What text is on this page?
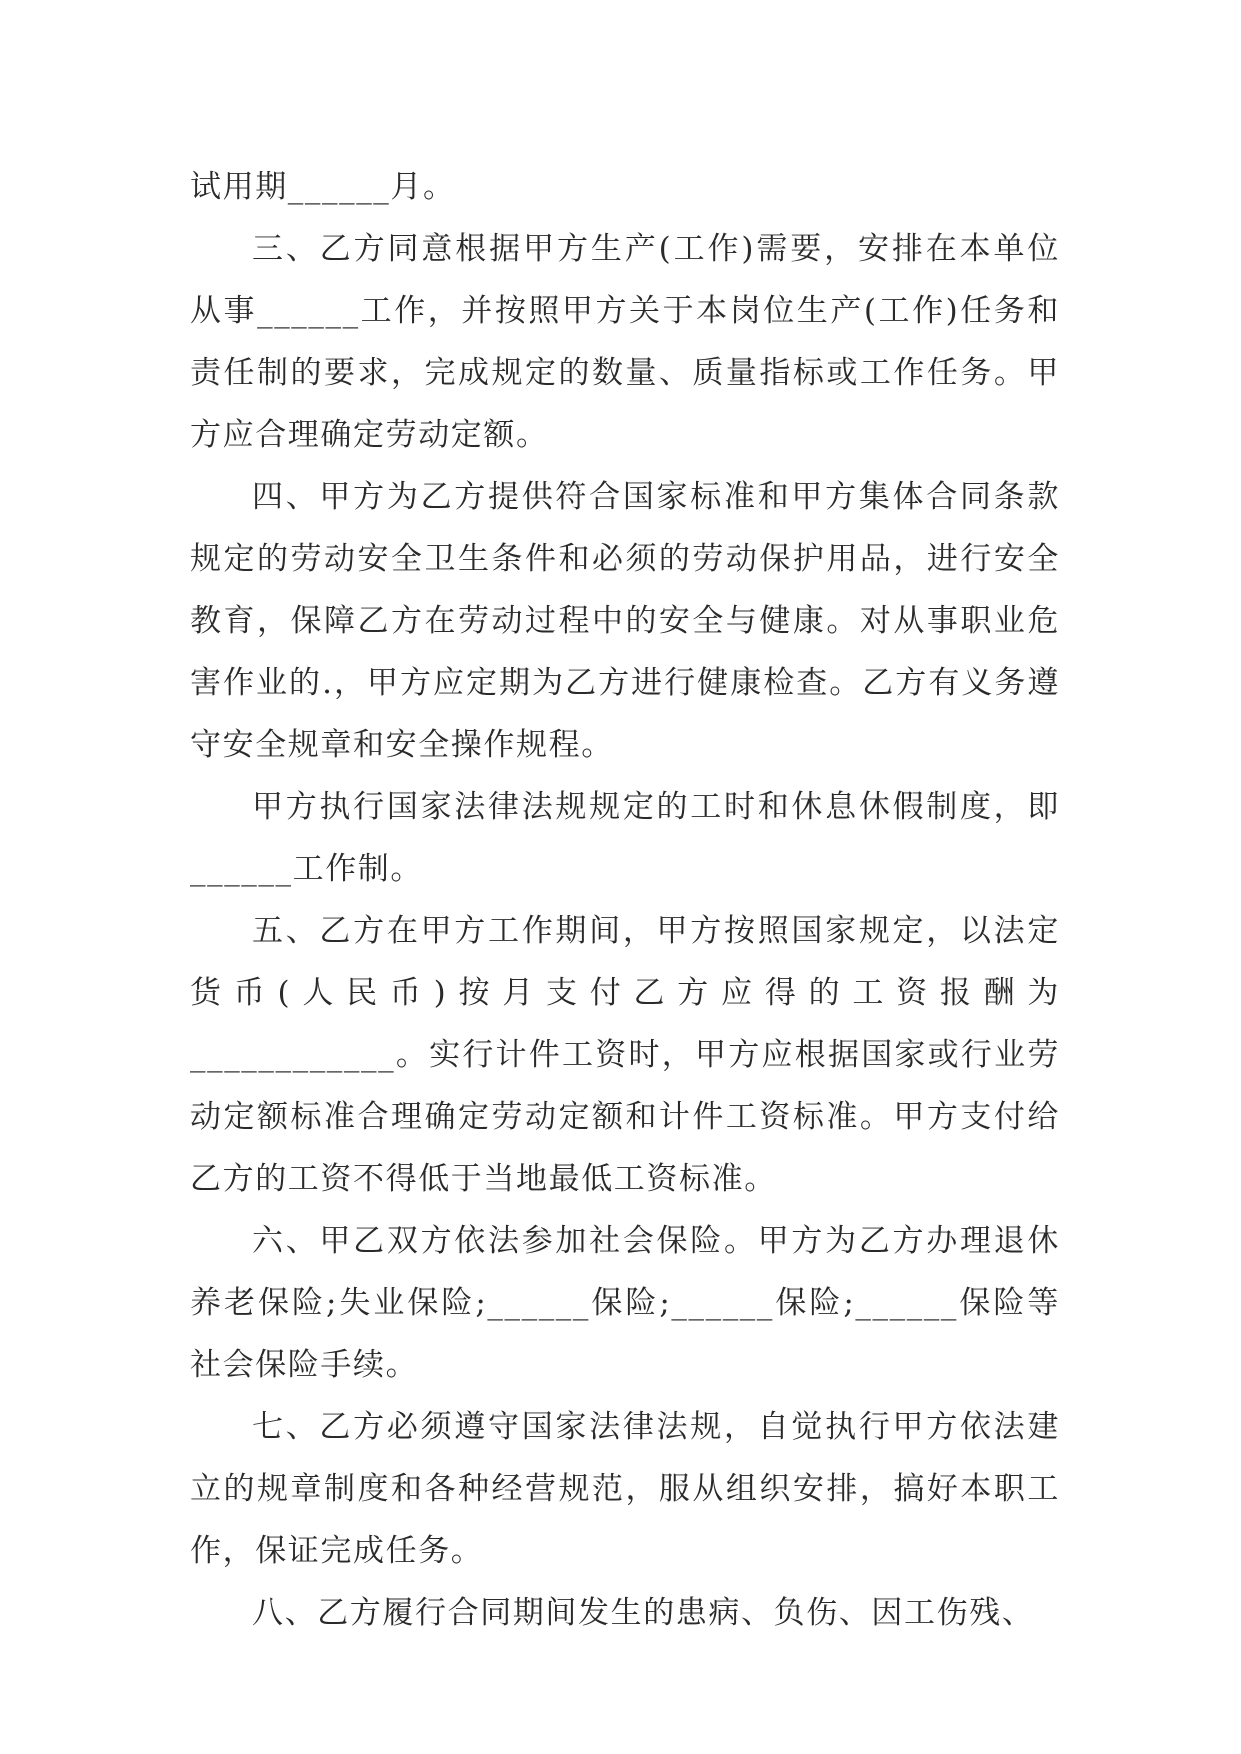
试用期______月。

三、乙方同意根据甲方生产(工作)需要，安排在本单位从事______工作，并按照甲方关于本岗位生产(工作)任务和责任制的要求，完成规定的数量、质量指标或工作任务。甲方应合理确定劳动定额。

四、甲方为乙方提供符合国家标准和甲方集体合同条款规定的劳动安全卫生条件和必须的劳动保护用品，进行安全教育，保障乙方在劳动过程中的安全与健康。对从事职业危害作业的.，甲方应定期为乙方进行健康检查。乙方有义务遵守安全规章和安全操作规程。

甲方执行国家法律法规规定的工时和休息休假制度，即______工作制。

五、乙方在甲方工作期间，甲方按照国家规定，以法定货币(人民币)按月支付乙方应得的工资报酬为____________。实行计件工资时，甲方应根据国家或行业劳动定额标准合理确定劳动定额和计件工资标准。甲方支付给乙方的工资不得低于当地最低工资标准。

六、甲乙双方依法参加社会保险。甲方为乙方办理退休养老保险;失业保险;______保险;______保险;______保险等社会保险手续。

七、乙方必须遵守国家法律法规，自觉执行甲方依法建立的规章制度和各种经营规范，服从组织安排，搞好本职工作，保证完成任务。

八、乙方履行合同期间发生的患病、负伤、因工伤残、
